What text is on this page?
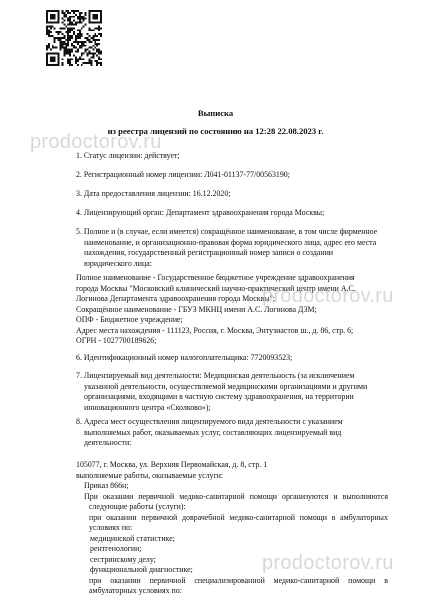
prodoctorov.ru
prodoctorov.ru
prodoctorov.ru
Выписка
из реестра лицензий по состоянию на 12:28 22.08.2023 г.
1. Статус лицензии: действует;
2. Регистрационный номер лицензии: Л041-01137-77/00563190;
3. Дата предоставления лицензии: 16.12.2020;
4. Лицензирующий орган: Департамент здравоохранения города Москвы;
5. Полное и (в случае, если имеется) сокращённое наименование, в том числе фирменное
наименование, и организационно-правовая форма юридического лица, адрес его места
нахождения, государственный регистрационный номер записи о создании
юридического лица:
Полное наименование - Государственное бюджетное учреждение здравоохранения
города Москвы "Московский клинический научно-практический центр имени А.С.
Логинова Департамента здравоохранения города Москвы";
Сокращённое наименование - ГБУЗ МКНЦ имени А.С. Логинова ДЗМ;
ОПФ - Бюджетное учреждение;
Адрес места нахождения - 111123, Россия, г. Москва, Энтузиастов ш., д. 86, стр. 6;
ОГРН - 1027700189626;
6. Идентификационный номер налогоплательщика: 7720093523;
7. Лицензируемый вид деятельности: Медицинская деятельность (за исключением
указанной деятельности, осуществляемой медицинскими организациями и другими
организациями, входящими в частную систему здравоохранения, на территории
инновационного центра «Сколково»);
8. Адреса мест осуществления лицензируемого вида деятельности с указанием
выполняемых работ, оказываемых услуг, составляющих лицензируемый вид
деятельности:
105077, г. Москва, ул. Верхняя Первомайская, д. 8, стр. 1
выполняемые работы, оказываемые услуги:
Приказ 866н;
При оказании первичной медико-санитарной помощи организуются и выполняются
следующие работы (услуги):
при оказании первичной доврачебной медико-санитарной помощи в амбулаторных
условиях по:
медицинской статистике;
рентгенологии;
сестринскому делу;
функциональной диагностике;
при оказании первичной специализированной медико-санитарной помощи в
амбулаторных условиях по:
